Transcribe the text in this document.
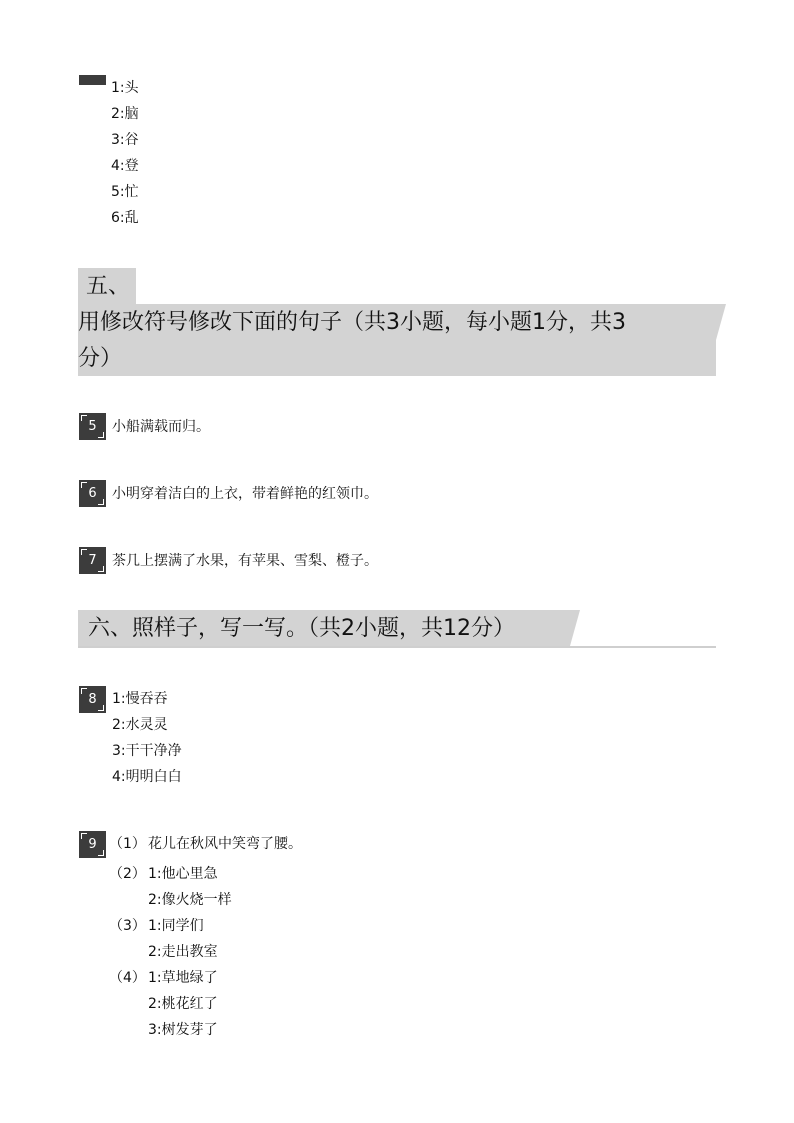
1:头
2:脑
3:谷
4:登
5:忙
6:乱
五、
用修改符号修改下面的句子（共3小题，每小题1分，共3
分）
5	小船满载而归。
6	小明穿着洁白的上衣，带着鲜艳的红领巾。
7	茶几上摆满了水果，有苹果、雪梨、橙子。
六、照样子，写一写。（共2小题，共12分）
8	1:慢吞吞
2:水灵灵
3:干干净净
4:明明白白
9 （1） 花儿在秋风中笑弯了腰。
（2） 1:他心里急
2:像火烧一样
（3） 1:同学们
2:走出教室
（4） 1:草地绿了
2:桃花红了
3:树发芽了
